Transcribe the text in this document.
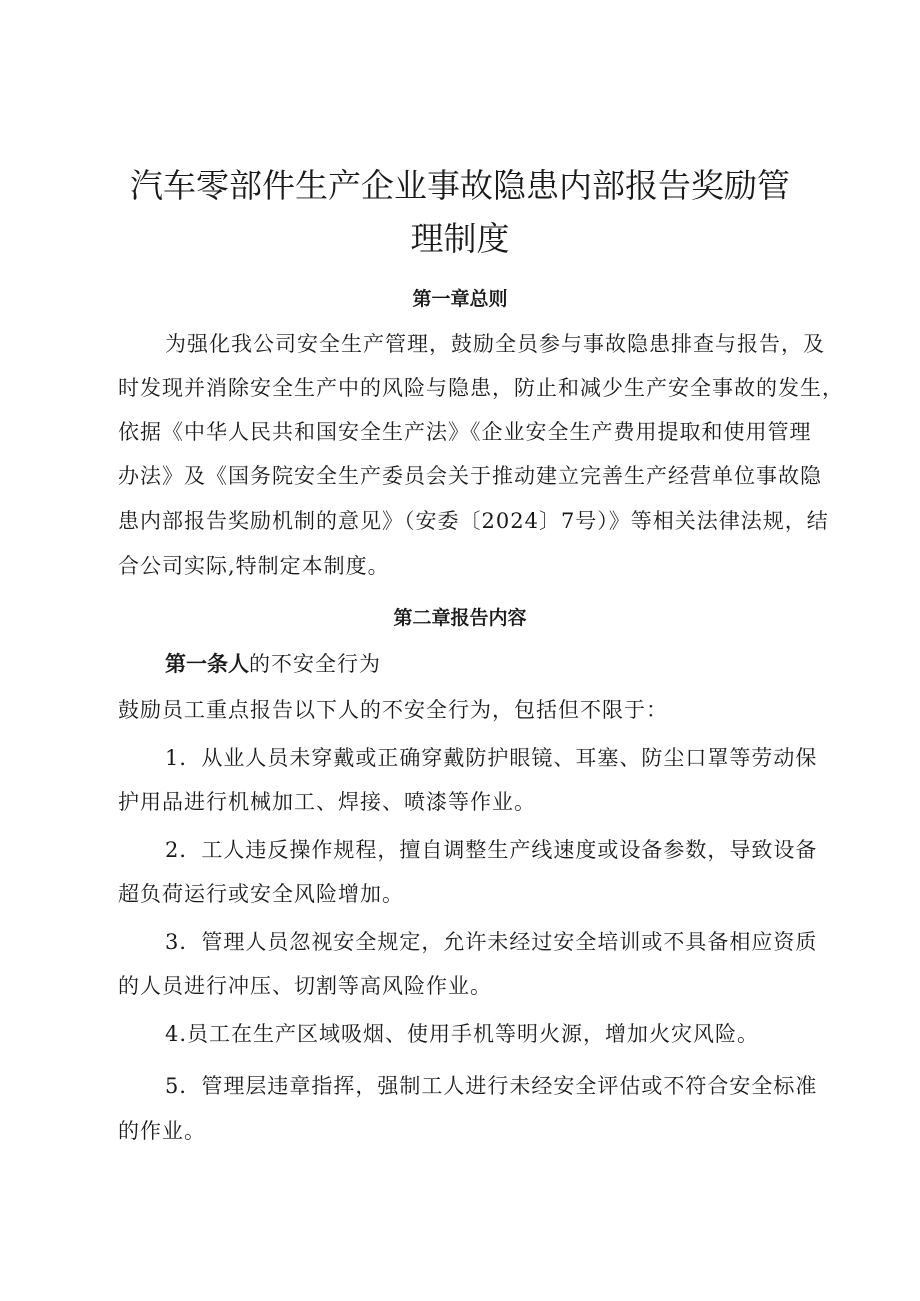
汽车零部件生产企业事故隐患内部报告奖励管
理制度
第一章总则
为强化我公司安全生产管理，鼓励全员参与事故隐患排查与报告，及
时发现并消除安全生产中的风险与隐患，防止和减少生产安全事故的发生，
依据《中华人民共和国安全生产法》《企业安全生产费用提取和使用管理
办法》及《国务院安全生产委员会关于推动建立完善生产经营单位事故隐
患内部报告奖励机制的意见》（安委〔2024〕7号）》等相关法律法规，结
合公司实际,特制定本制度。
第二章报告内容
第一条人的不安全行为
鼓励员工重点报告以下人的不安全行为，包括但不限于：
1．从业人员未穿戴或正确穿戴防护眼镜、耳塞、防尘口罩等劳动保
护用品进行机械加工、焊接、喷漆等作业。
2．工人违反操作规程，擅自调整生产线速度或设备参数，导致设备
超负荷运行或安全风险增加。
3．管理人员忽视安全规定，允许未经过安全培训或不具备相应资质
的人员进行冲压、切割等高风险作业。
4.员工在生产区域吸烟、使用手机等明火源，增加火灾风险。
5．管理层违章指挥，强制工人进行未经安全评估或不符合安全标准
的作业。
